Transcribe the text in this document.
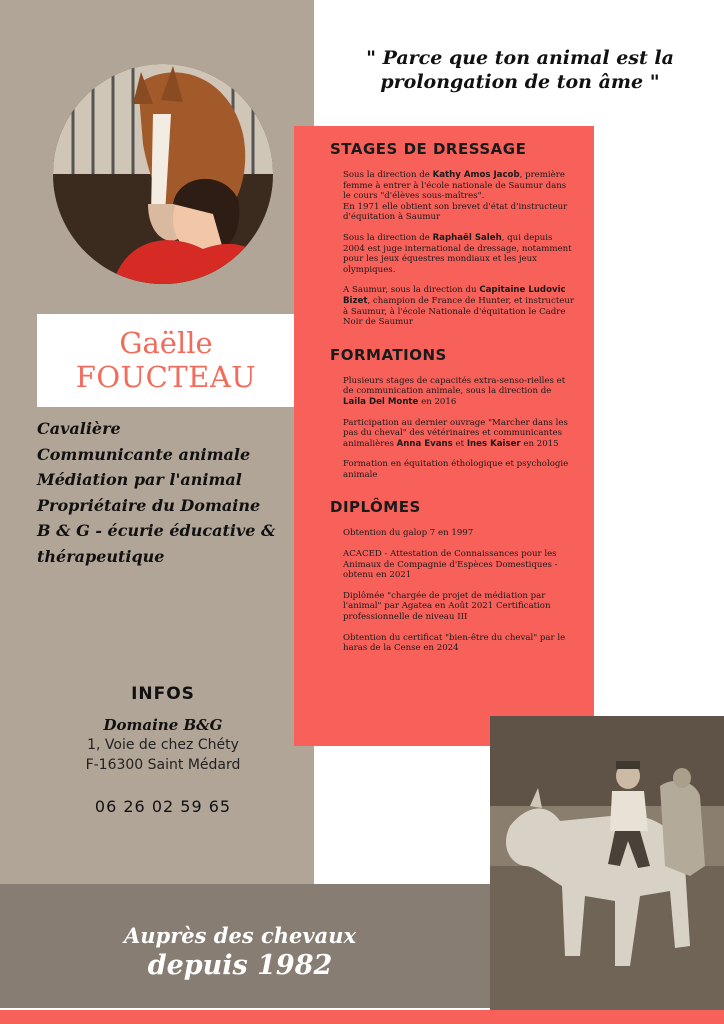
Gaëlle
FOUCTEAU
Cavalière
Communicante animale
Médiation par l'animal
Propriétaire du Domaine
B & G - écurie éducative &
thérapeutique
INFOS
Domaine B&G
1, Voie de chez Chéty
F-16300 Saint Médard
06 26 02 59 65
Auprès des chevaux
depuis 1982
" Parce que ton animal est la prolongation de ton âme "
STAGES DE DRESSAGE
Sous la direction de Kathy Amos Jacob, première femme à entrer à l'école nationale de Saumur dans le cours "d'élèves sous-maîtres".
En 1971 elle obtient son brevet d'état d'instructeur d'équitation à Saumur
Sous la direction de Raphaël Saleh, qui depuis 2004 est juge international de dressage, notamment pour les jeux équestres mondiaux et les jeux olympiques.
A Saumur, sous la direction du Capitaine Ludovic Bizet, champion de France de Hunter, et instructeur à Saumur, à l'école Nationale d'équitation le Cadre Noir de Saumur
FORMATIONS
Plusieurs stages de capacités extra-senso-rielles et de communication animale, sous la direction de Laila Del Monte en 2016
Participation au dernier ouvrage "Marcher dans les pas du cheval" des vétérinaires et communicantes animalières Anna Evans et Ines Kaiser en 2015
Formation en équitation éthologique et psychologie animale
DIPLÔMES
Obtention du galop 7 en 1997
ACACED - Attestation de Connaissances pour les Animaux de Compagnie d'Espèces Domestiques - obtenu en 2021
Diplômée "chargée de projet de médiation par l'animal" par Agatea en Août 2021 Certification professionnelle de niveau III
Obtention du certificat "bien-être du cheval" par le haras de la Cense en 2024
